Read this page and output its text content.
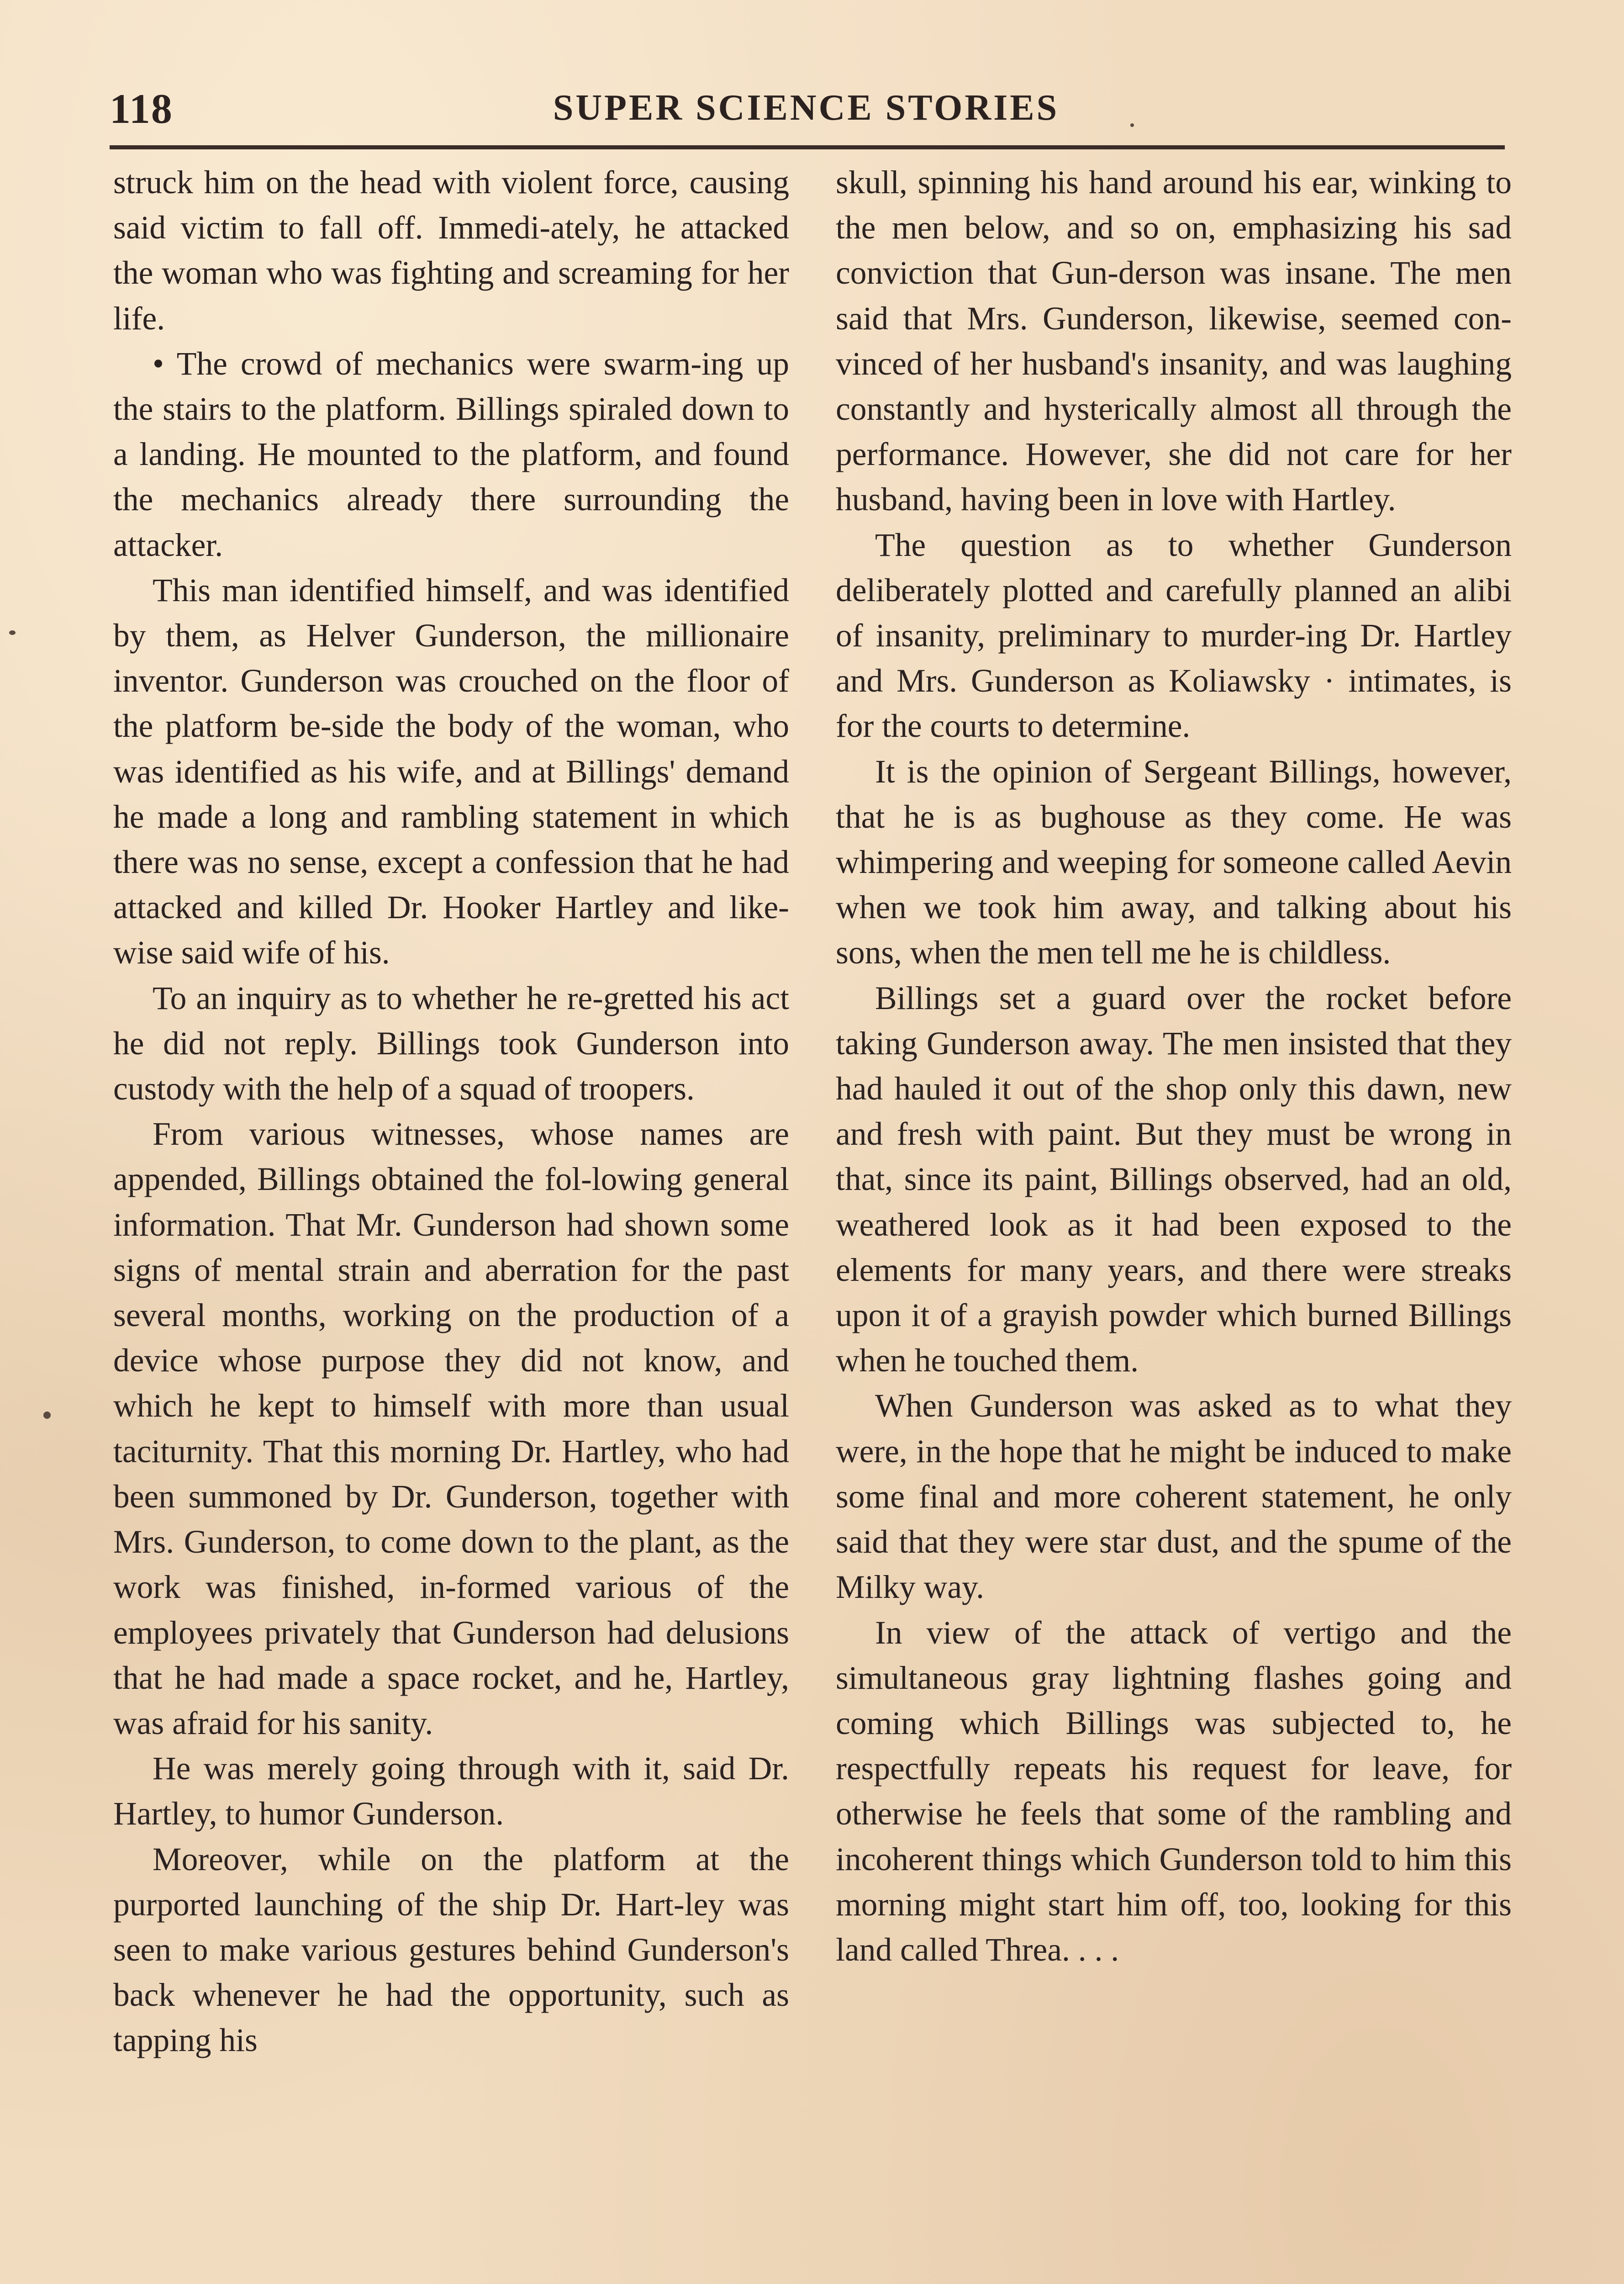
118	SUPER SCIENCE STORIES

struck him on the head with violent force, causing said victim to fall off. Immedi-ately, he attacked the woman who was fighting and screaming for her life.

• The crowd of mechanics were swarm-ing up the stairs to the platform. Billings spiraled down to a landing. He mounted to the platform, and found the mechanics already there surrounding the attacker.

This man identified himself, and was identified by them, as Helver Gunderson, the millionaire inventor. Gunderson was crouched on the floor of the platform be-side the body of the woman, who was identified as his wife, and at Billings' demand he made a long and rambling statement in which there was no sense, except a confession that he had attacked and killed Dr. Hooker Hartley and like-wise said wife of his.

To an inquiry as to whether he re-gretted his act he did not reply. Billings took Gunderson into custody with the help of a squad of troopers.

From various witnesses, whose names are appended, Billings obtained the fol-lowing general information. That Mr. Gunderson had shown some signs of mental strain and aberration for the past several months, working on the production of a device whose purpose they did not know, and which he kept to himself with more than usual taciturnity. That this morning Dr. Hartley, who had been summoned by Dr. Gunderson, together with Mrs. Gunderson, to come down to the plant, as the work was finished, in-formed various of the employees privately that Gunderson had delusions that he had made a space rocket, and he, Hartley, was afraid for his sanity.

He was merely going through with it, said Dr. Hartley, to humor Gunderson.

Moreover, while on the platform at the purported launching of the ship Dr. Hart-ley was seen to make various gestures behind Gunderson's back whenever he had the opportunity, such as tapping his

skull, spinning his hand around his ear, winking to the men below, and so on, emphasizing his sad conviction that Gun-derson was insane. The men said that Mrs. Gunderson, likewise, seemed con-vinced of her husband's insanity, and was laughing constantly and hysterically almost all through the performance. However, she did not care for her husband, having been in love with Hartley.

The question as to whether Gunderson deliberately plotted and carefully planned an alibi of insanity, preliminary to murder-ing Dr. Hartley and Mrs. Gunderson as Koliawsky · intimates, is for the courts to determine.

It is the opinion of Sergeant Billings, however, that he is as bughouse as they come. He was whimpering and weeping for someone called Aevin when we took him away, and talking about his sons, when the men tell me he is childless.

Billings set a guard over the rocket before taking Gunderson away. The men insisted that they had hauled it out of the shop only this dawn, new and fresh with paint. But they must be wrong in that, since its paint, Billings observed, had an old, weathered look as it had been exposed to the elements for many years, and there were streaks upon it of a grayish powder which burned Billings when he touched them.

When Gunderson was asked as to what they were, in the hope that he might be induced to make some final and more coherent statement, he only said that they were star dust, and the spume of the Milky way.

In view of the attack of vertigo and the simultaneous gray lightning flashes going and coming which Billings was subjected to, he respectfully repeats his request for leave, for otherwise he feels that some of the rambling and incoherent things which Gunderson told to him this morning might start him off, too, looking for this land called Threa. . . .
